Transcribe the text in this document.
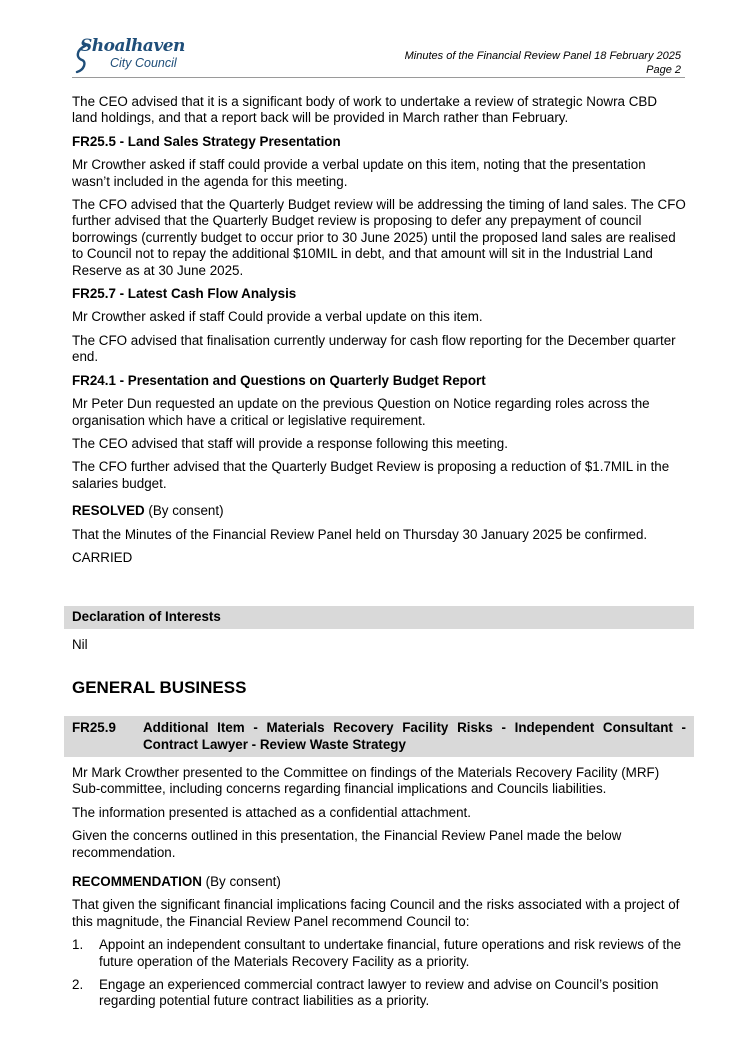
Shoalhaven
City Council	Minutes of the Financial Review Panel 18 February 2025
Page 2

The CEO advised that it is a significant body of work to undertake a review of strategic Nowra CBD land holdings, and that a report back will be provided in March rather than February.

FR25.5 - Land Sales Strategy Presentation

Mr Crowther asked if staff could provide a verbal update on this item, noting that the presentation wasn’t included in the agenda for this meeting.

The CFO advised that the Quarterly Budget review will be addressing the timing of land sales. The CFO further advised that the Quarterly Budget review is proposing to defer any prepayment of council borrowings (currently budget to occur prior to 30 June 2025) until the proposed land sales are realised to Council not to repay the additional $10MIL in debt, and that amount will sit in the Industrial Land Reserve as at 30 June 2025.

FR25.7 - Latest Cash Flow Analysis

Mr Crowther asked if staff Could provide a verbal update on this item.

The CFO advised that finalisation currently underway for cash flow reporting for the December quarter end.

FR24.1 - Presentation and Questions on Quarterly Budget Report

Mr Peter Dun requested an update on the previous Question on Notice regarding roles across the organisation which have a critical or legislative requirement.

The CEO advised that staff will provide a response following this meeting.

The CFO further advised that the Quarterly Budget Review is proposing a reduction of $1.7MIL in the salaries budget.

RESOLVED (By consent)

That the Minutes of the Financial Review Panel held on Thursday 30 January 2025 be confirmed.

CARRIED

Declaration of Interests

Nil

GENERAL BUSINESS
FR25.9	Additional Item - Materials Recovery Facility Risks - Independent Consultant - Contract Lawyer - Review Waste Strategy

Mr Mark Crowther presented to the Committee on findings of the Materials Recovery Facility (MRF) Sub-committee, including concerns regarding financial implications and Councils liabilities.

The information presented is attached as a confidential attachment.

Given the concerns outlined in this presentation, the Financial Review Panel made the below recommendation.

RECOMMENDATION (By consent)

That given the significant financial implications facing Council and the risks associated with a project of this magnitude, the Financial Review Panel recommend Council to:

1.	Appoint an independent consultant to undertake financial, future operations and risk reviews of the future operation of the Materials Recovery Facility as a priority.
2.	Engage an experienced commercial contract lawyer to review and advise on Council’s position regarding potential future contract liabilities as a priority.
